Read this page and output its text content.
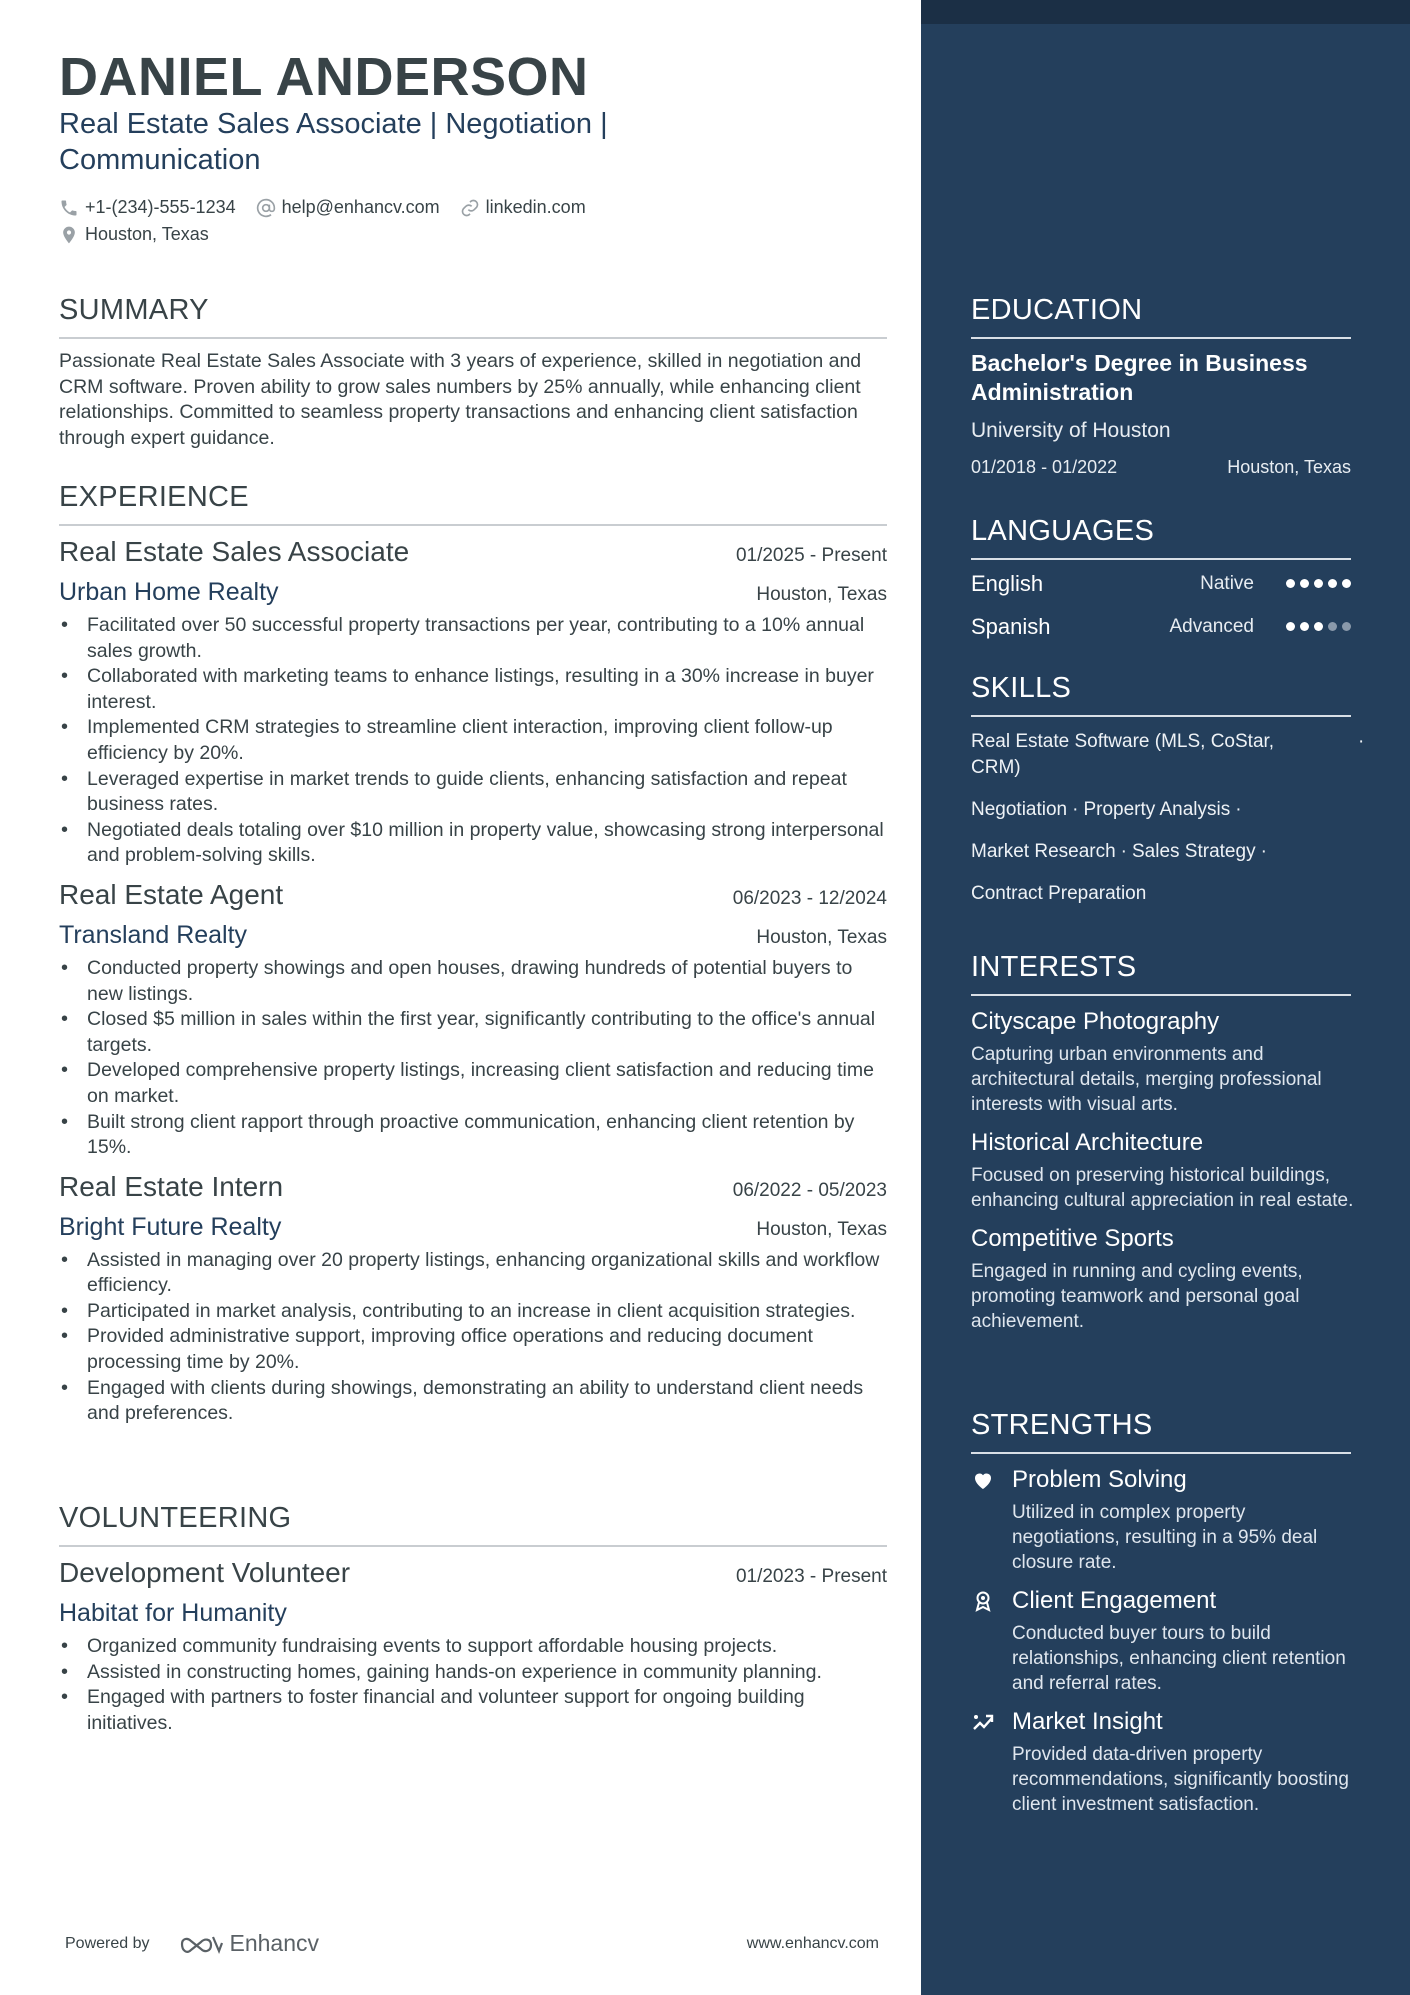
DANIEL ANDERSON
Real Estate Sales Associate | Negotiation | Communication
+1-(234)-555-1234	help@enhancv.com	linkedin.com
Houston, Texas
SUMMARY
Passionate Real Estate Sales Associate with 3 years of experience, skilled in negotiation and CRM software. Proven ability to grow sales numbers by 25% annually, while enhancing client relationships. Committed to seamless property transactions and enhancing client satisfaction through expert guidance.
EXPERIENCE
Real Estate Sales Associate	01/2025 - Present
Urban Home Realty	Houston, Texas
• Facilitated over 50 successful property transactions per year, contributing to a 10% annual sales growth.
• Collaborated with marketing teams to enhance listings, resulting in a 30% increase in buyer interest.
• Implemented CRM strategies to streamline client interaction, improving client follow-up efficiency by 20%.
• Leveraged expertise in market trends to guide clients, enhancing satisfaction and repeat business rates.
• Negotiated deals totaling over $10 million in property value, showcasing strong interpersonal and problem-solving skills.
Real Estate Agent	06/2023 - 12/2024
Transland Realty	Houston, Texas
• Conducted property showings and open houses, drawing hundreds of potential buyers to new listings.
• Closed $5 million in sales within the first year, significantly contributing to the office's annual targets.
• Developed comprehensive property listings, increasing client satisfaction and reducing time on market.
• Built strong client rapport through proactive communication, enhancing client retention by 15%.
Real Estate Intern	06/2022 - 05/2023
Bright Future Realty	Houston, Texas
• Assisted in managing over 20 property listings, enhancing organizational skills and workflow efficiency.
• Participated in market analysis, contributing to an increase in client acquisition strategies.
• Provided administrative support, improving office operations and reducing document processing time by 20%.
• Engaged with clients during showings, demonstrating an ability to understand client needs and preferences.
VOLUNTEERING
Development Volunteer	01/2023 - Present
Habitat for Humanity
• Organized community fundraising events to support affordable housing projects.
• Assisted in constructing homes, gaining hands-on experience in community planning.
• Engaged with partners to foster financial and volunteer support for ongoing building initiatives.
Powered by	Enhancv	www.enhancv.com
EDUCATION
Bachelor's Degree in Business Administration
University of Houston
01/2018 - 01/2022	Houston, Texas
LANGUAGES
English	Native
Spanish	Advanced
SKILLS
Real Estate Software (MLS, CoStar, CRM)
·
Negotiation · Property Analysis ·
Market Research · Sales Strategy ·
Contract Preparation
INTERESTS
Cityscape Photography
Capturing urban environments and architectural details, merging professional interests with visual arts.
Historical Architecture
Focused on preserving historical buildings, enhancing cultural appreciation in real estate.
Competitive Sports
Engaged in running and cycling events, promoting teamwork and personal goal achievement.
STRENGTHS
Problem Solving
Utilized in complex property negotiations, resulting in a 95% deal closure rate.
Client Engagement
Conducted buyer tours to build relationships, enhancing client retention and referral rates.
Market Insight
Provided data-driven property recommendations, significantly boosting client investment satisfaction.
